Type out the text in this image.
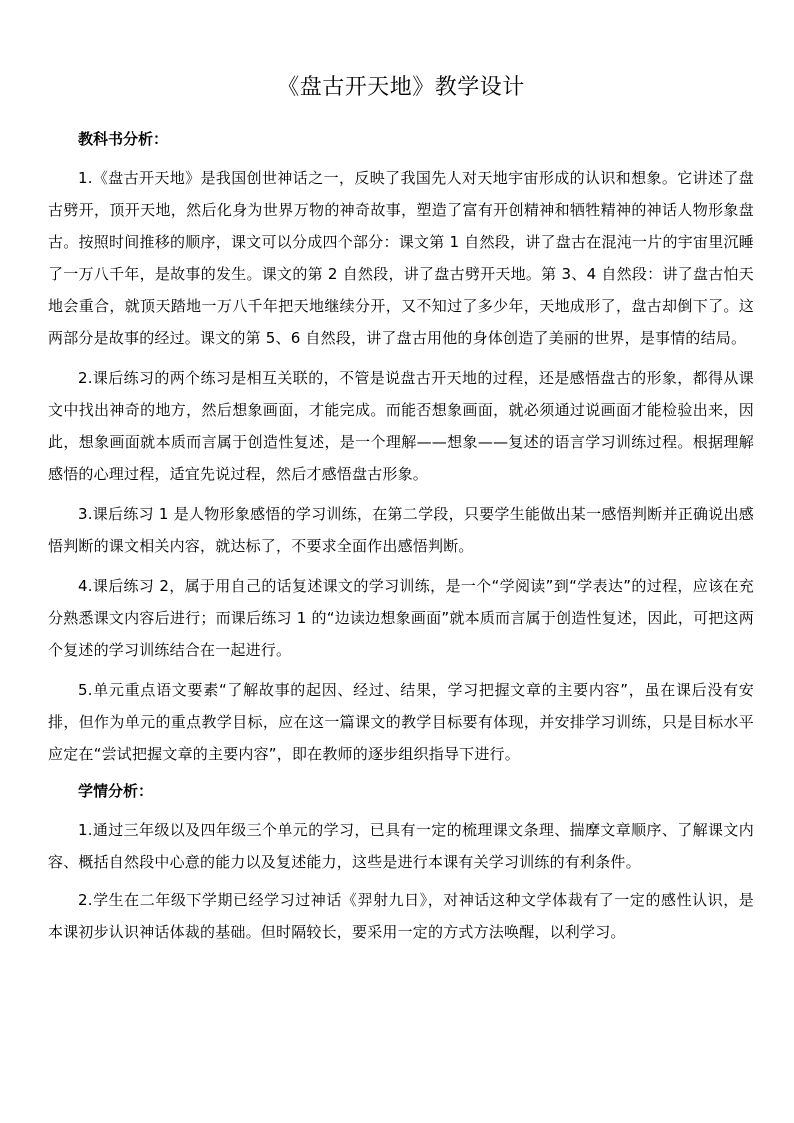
《盘古开天地》教学设计
教科书分析：

1.《盘古开天地》是我国创世神话之一，反映了我国先人对天地宇宙形成的认识和想象。它讲述了盘古劈开，顶开天地，然后化身为世界万物的神奇故事，塑造了富有开创精神和牺牲精神的神话人物形象盘古。按照时间推移的顺序，课文可以分成四个部分：课文第 1 自然段，讲了盘古在混沌一片的宇宙里沉睡了一万八千年，是故事的发生。课文的第 2 自然段，讲了盘古劈开天地。第 3、4 自然段：讲了盘古怕天地会重合，就顶天踏地一万八千年把天地继续分开，又不知过了多少年，天地成形了，盘古却倒下了。这两部分是故事的经过。课文的第 5、6 自然段，讲了盘古用他的身体创造了美丽的世界，是事情的结局。

2.课后练习的两个练习是相互关联的，不管是说盘古开天地的过程，还是感悟盘古的形象，都得从课文中找出神奇的地方，然后想象画面，才能完成。而能否想象画面，就必须通过说画面才能检验出来，因此，想象画面就本质而言属于创造性复述，是一个理解——想象——复述的语言学习训练过程。根据理解感悟的心理过程，适宜先说过程，然后才感悟盘古形象。

3.课后练习 1 是人物形象感悟的学习训练，在第二学段，只要学生能做出某一感悟判断并正确说出感悟判断的课文相关内容，就达标了，不要求全面作出感悟判断。

4.课后练习 2，属于用自己的话复述课文的学习训练，是一个“学阅读”到“学表达”的过程，应该在充分熟悉课文内容后进行；而课后练习 1 的“边读边想象画面”就本质而言属于创造性复述，因此，可把这两个复述的学习训练结合在一起进行。

5.单元重点语文要素“了解故事的起因、经过、结果，学习把握文章的主要内容”，虽在课后没有安排，但作为单元的重点教学目标，应在这一篇课文的教学目标要有体现，并安排学习训练，只是目标水平应定在“尝试把握文章的主要内容”，即在教师的逐步组织指导下进行。

学情分析：

1.通过三年级以及四年级三个单元的学习，已具有一定的梳理课文条理、揣摩文章顺序、了解课文内容、概括自然段中心意的能力以及复述能力，这些是进行本课有关学习训练的有利条件。

2.学生在二年级下学期已经学习过神话《羿射九日》，对神话这种文学体裁有了一定的感性认识，是本课初步认识神话体裁的基础。但时隔较长，要采用一定的方式方法唤醒，以利学习。
